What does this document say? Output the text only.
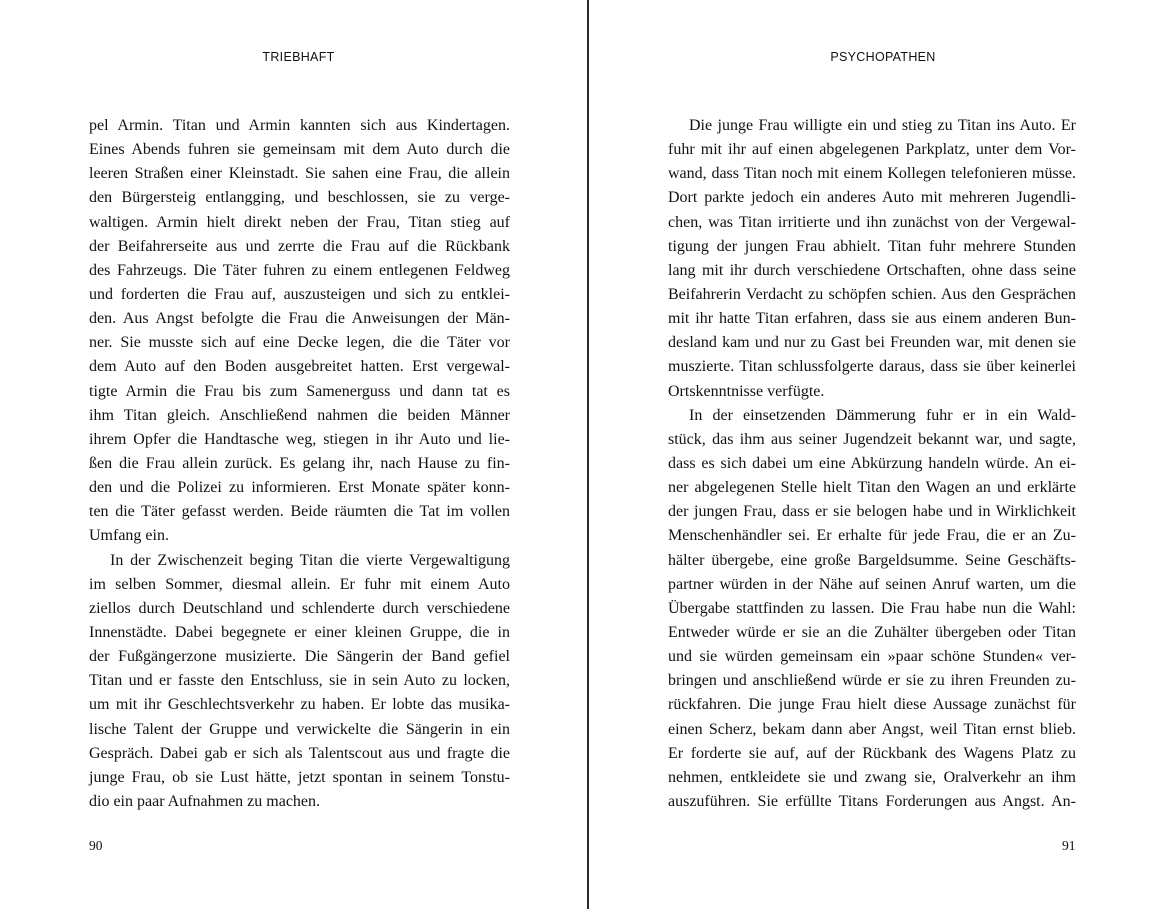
TRIEBHAFT
pel Armin. Titan und Armin kannten sich aus Kindertagen.
Eines Abends fuhren sie gemeinsam mit dem Auto durch die
leeren Straßen einer Kleinstadt. Sie sahen eine Frau, die allein
den Bürgersteig entlangging, und beschlossen, sie zu verge-
waltigen. Armin hielt direkt neben der Frau, Titan stieg auf
der Beifahrerseite aus und zerrte die Frau auf die Rückbank
des Fahrzeugs. Die Täter fuhren zu einem entlegenen Feldweg
und forderten die Frau auf, auszusteigen und sich zu entklei-
den. Aus Angst befolgte die Frau die Anweisungen der Män-
ner. Sie musste sich auf eine Decke legen, die die Täter vor
dem Auto auf den Boden ausgebreitet hatten. Erst vergewal-
tigte Armin die Frau bis zum Samenerguss und dann tat es
ihm Titan gleich. Anschließend nahmen die beiden Männer
ihrem Opfer die Handtasche weg, stiegen in ihr Auto und lie-
ßen die Frau allein zurück. Es gelang ihr, nach Hause zu fin-
den und die Polizei zu informieren. Erst Monate später konn-
ten die Täter gefasst werden. Beide räumten die Tat im vollen
Umfang ein.
In der Zwischenzeit beging Titan die vierte Vergewaltigung
im selben Sommer, diesmal allein. Er fuhr mit einem Auto
ziellos durch Deutschland und schlenderte durch verschiedene
Innenstädte. Dabei begegnete er einer kleinen Gruppe, die in
der Fußgängerzone musizierte. Die Sängerin der Band gefiel
Titan und er fasste den Entschluss, sie in sein Auto zu locken,
um mit ihr Geschlechtsverkehr zu haben. Er lobte das musika-
lische Talent der Gruppe und verwickelte die Sängerin in ein
Gespräch. Dabei gab er sich als Talentscout aus und fragte die
junge Frau, ob sie Lust hätte, jetzt spontan in seinem Tonstu-
dio ein paar Aufnahmen zu machen.
90
PSYCHOPATHEN
Die junge Frau willigte ein und stieg zu Titan ins Auto. Er
fuhr mit ihr auf einen abgelegenen Parkplatz, unter dem Vor-
wand, dass Titan noch mit einem Kollegen telefonieren müsse.
Dort parkte jedoch ein anderes Auto mit mehreren Jugendli-
chen, was Titan irritierte und ihn zunächst von der Vergewal-
tigung der jungen Frau abhielt. Titan fuhr mehrere Stunden
lang mit ihr durch verschiedene Ortschaften, ohne dass seine
Beifahrerin Verdacht zu schöpfen schien. Aus den Gesprächen
mit ihr hatte Titan erfahren, dass sie aus einem anderen Bun-
desland kam und nur zu Gast bei Freunden war, mit denen sie
muszierte. Titan schlussfolgerte daraus, dass sie über keinerlei
Ortskenntnisse verfügte.
In der einsetzenden Dämmerung fuhr er in ein Wald-
stück, das ihm aus seiner Jugendzeit bekannt war, und sagte,
dass es sich dabei um eine Abkürzung handeln würde. An ei-
ner abgelegenen Stelle hielt Titan den Wagen an und erklärte
der jungen Frau, dass er sie belogen habe und in Wirklichkeit
Menschenhändler sei. Er erhalte für jede Frau, die er an Zu-
hälter übergebe, eine große Bargeldsumme. Seine Geschäfts-
partner würden in der Nähe auf seinen Anruf warten, um die
Übergabe stattfinden zu lassen. Die Frau habe nun die Wahl:
Entweder würde er sie an die Zuhälter übergeben oder Titan
und sie würden gemeinsam ein »paar schöne Stunden« ver-
bringen und anschließend würde er sie zu ihren Freunden zu-
rückfahren. Die junge Frau hielt diese Aussage zunächst für
einen Scherz, bekam dann aber Angst, weil Titan ernst blieb.
Er forderte sie auf, auf der Rückbank des Wagens Platz zu
nehmen, entkleidete sie und zwang sie, Oralverkehr an ihm
auszuführen. Sie erfüllte Titans Forderungen aus Angst. An-
91
